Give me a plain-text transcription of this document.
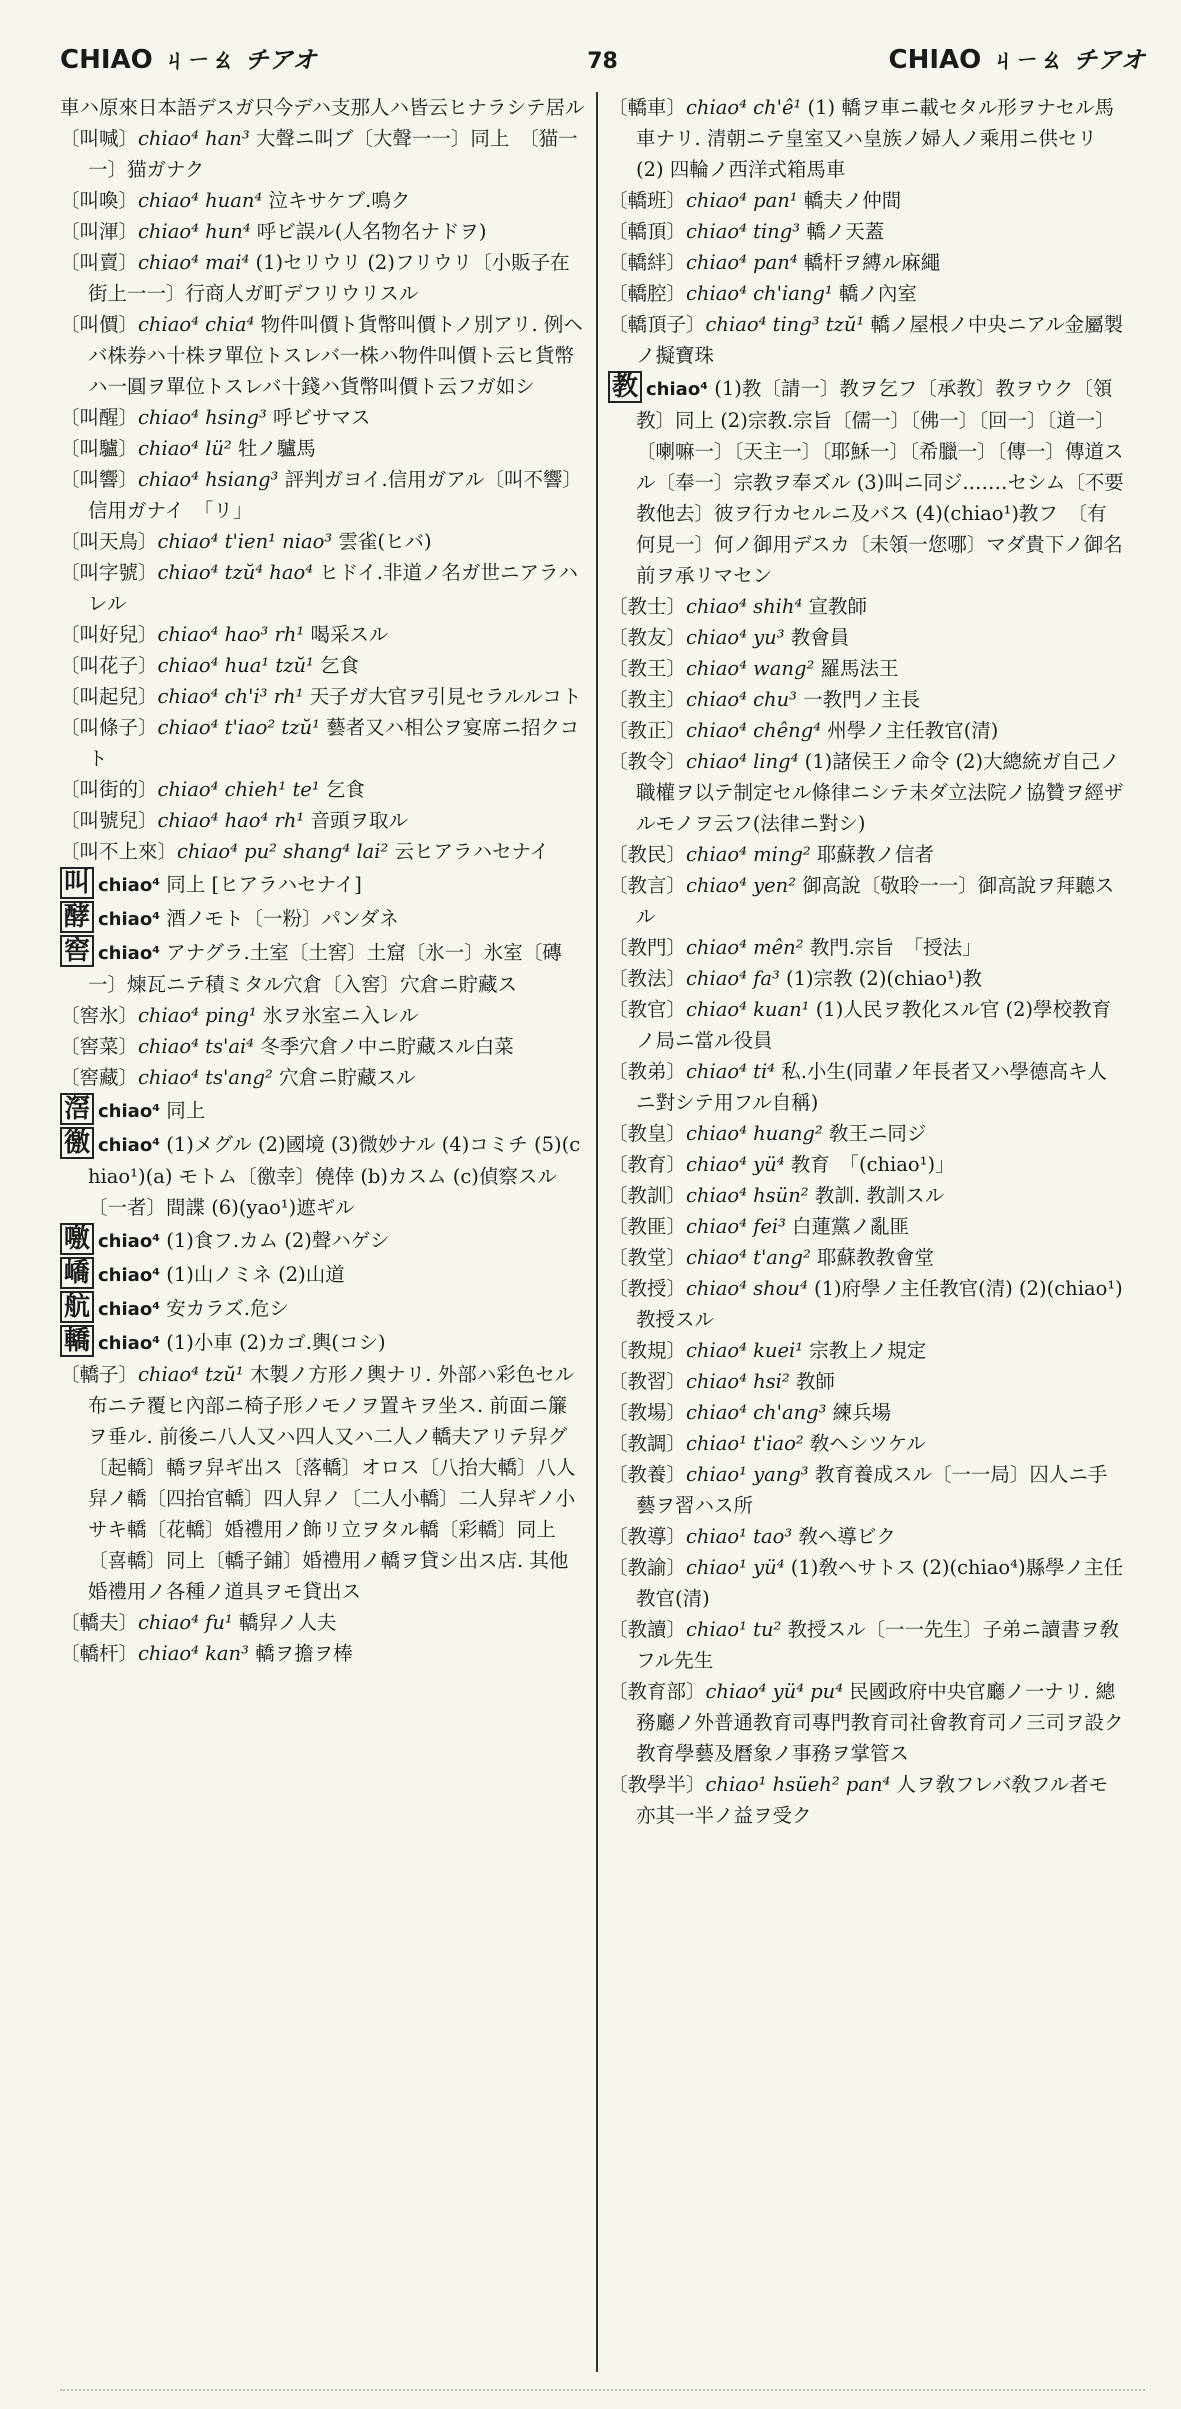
CHIAO ㄐㄧㄠ チアオ	78	CHIAO ㄐㄧㄠ チアオ

車ハ原來日本語デスガ只今デハ支那人ハ皆云ヒナラシテ居ル

〔叫喊〕chiao⁴ han³ 大聲ニ叫ブ〔大聲一一〕同上　〔猫一一〕猫ガナク

〔叫喚〕chiao⁴ huan⁴ 泣キサケブ.鳴ク

〔叫渾〕chiao⁴ hun⁴ 呼ビ誤ル(人名物名ナドヲ)

〔叫賣〕chiao⁴ mai⁴ (1)セリウリ (2)フリウリ〔小販子在街上一一〕行商人ガ町デフリウリスル

〔叫價〕chiao⁴ chia⁴ 物件叫價ト貨幣叫價トノ別アリ. 例ヘバ株券ハ十株ヲ單位トスレバ一株ハ物件叫價ト云ヒ貨幣ハ一圓ヲ單位トスレバ十錢ハ貨幣叫價ト云フガ如シ

〔叫醒〕chiao⁴ hsing³ 呼ビサマス

〔叫驢〕chiao⁴ lü² 牡ノ驢馬

〔叫響〕chiao⁴ hsiang³ 評判ガヨイ.信用ガアル〔叫不響〕信用ガナイ　「リ」

〔叫天鳥〕chiao⁴ t'ien¹ niao³ 雲雀(ヒバ)

〔叫字號〕chiao⁴ tzŭ⁴ hao⁴ ヒドイ.非道ノ名ガ世ニアラハレル

〔叫好兒〕chiao⁴ hao³ rh¹ 喝采スル

〔叫花子〕chiao⁴ hua¹ tzŭ¹ 乞食

〔叫起兒〕chiao⁴ ch'i³ rh¹ 天子ガ大官ヲ引見セラルルコト

〔叫條子〕chiao⁴ t'iao² tzŭ¹ 藝者又ハ相公ヲ宴席ニ招クコト

〔叫街的〕chiao⁴ chieh¹ te¹ 乞食

〔叫號兒〕chiao⁴ hao⁴ rh¹ 音頭ヲ取ル

〔叫不上來〕chiao⁴ pu² shang⁴ lai² 云ヒアラハセナイ

叫 chiao⁴ 同上 [ヒアラハセナイ]

酵 chiao⁴ 酒ノモト〔一粉〕パンダネ

窖 chiao⁴ アナグラ.土室〔土窖〕土窟〔氷一〕氷室〔磚一〕煉瓦ニテ積ミタル穴倉〔入窖〕穴倉ニ貯藏ス

〔窖氷〕chiao⁴ ping¹ 氷ヲ氷室ニ入レル

〔窖菜〕chiao⁴ ts'ai⁴ 冬季穴倉ノ中ニ貯藏スル白菜

〔窖藏〕chiao⁴ ts'ang² 穴倉ニ貯藏スル

滘 chiao⁴ 同上

徼 chiao⁴ (1)メグル (2)國境 (3)微妙ナル (4)コミチ (5)(chiao¹)(a) モトム〔徼幸〕僥倖 (b)カスム (c)偵察スル〔一者〕間諜 (6)(yao¹)遮ギル

噭 chiao⁴ (1)食フ.カム (2)聲ハゲシ

嶠 chiao⁴ (1)山ノミネ (2)山道

航 chiao⁴ 安カラズ.危シ

轎 chiao⁴ (1)小車 (2)カゴ.輿(コシ)

〔轎子〕chiao⁴ tzŭ¹ 木製ノ方形ノ輿ナリ. 外部ハ彩色セル布ニテ覆ヒ內部ニ椅子形ノモノヲ置キヲ坐ス. 前面ニ簾ヲ垂ル. 前後ニ八人又ハ四人又ハ二人ノ轎夫アリテ舁グ〔起轎〕轎ヲ舁ギ出ス〔落轎〕オロス〔八抬大轎〕八人舁ノ轎〔四抬官轎〕四人舁ノ〔二人小轎〕二人舁ギノ小サキ轎〔花轎〕婚禮用ノ飾リ立ヲタル轎〔彩轎〕同上〔喜轎〕同上〔轎子鋪〕婚禮用ノ轎ヲ貸シ出ス店. 其他婚禮用ノ各種ノ道具ヲモ貸出ス

〔轎夫〕chiao⁴ fu¹ 轎舁ノ人夫

〔轎杆〕chiao⁴ kan³ 轎ヲ擔ヲ棒

〔轎車〕chiao⁴ ch'ê¹ (1) 轎ヲ車ニ載セタル形ヲナセル馬車ナリ. 清朝ニテ皇室又ハ皇族ノ婦人ノ乘用ニ供セリ (2) 四輪ノ西洋式箱馬車

〔轎班〕chiao⁴ pan¹ 轎夫ノ仲間

〔轎頂〕chiao⁴ ting³ 轎ノ天蓋

〔轎絆〕chiao⁴ pan⁴ 轎杆ヲ縛ル麻繩

〔轎腔〕chiao⁴ ch'iang¹ 轎ノ內室

〔轎頂子〕chiao⁴ ting³ tzŭ¹ 轎ノ屋根ノ中央ニアル金屬製ノ擬寶珠

教 chiao⁴ (1)教〔請一〕教ヲ乞フ〔承教〕教ヲウク〔領教〕同上 (2)宗教.宗旨〔儒一〕〔佛一〕〔回一〕〔道一〕〔喇嘛一〕〔天主一〕〔耶穌一〕〔希臘一〕〔傳一〕傳道スル〔奉一〕宗教ヲ奉ズル (3)叫ニ同ジ.……セシム〔不要教他去〕彼ヲ行カセルニ及バス (4)(chiao¹)教フ　〔有何見一〕何ノ御用デスカ〔未領一您哪〕マダ貴下ノ御名前ヲ承リマセン

〔教士〕chiao⁴ shih⁴ 宣教師

〔教友〕chiao⁴ yu³ 教會員

〔教王〕chiao⁴ wang² 羅馬法王

〔教主〕chiao⁴ chu³ 一教門ノ主長

〔教正〕chiao⁴ chêng⁴ 州學ノ主任教官(清)

〔教令〕chiao⁴ ling⁴ (1)諸侯王ノ命令 (2)大總統ガ自己ノ職權ヲ以テ制定セル條律ニシテ未ダ立法院ノ協贊ヲ經ザルモノヲ云フ(法律ニ對シ)

〔教民〕chiao⁴ ming² 耶蘇教ノ信者

〔教言〕chiao⁴ yen² 御高說〔敬聆一一〕御高說ヲ拜聽スル

〔教門〕chiao⁴ mên² 教門.宗旨　「授法」

〔教法〕chiao⁴ fa³ (1)宗教 (2)(chiao¹)教

〔教官〕chiao⁴ kuan¹ (1)人民ヲ教化スル官 (2)學校教育ノ局ニ當ル役員

〔教弟〕chiao⁴ ti⁴ 私.小生(同輩ノ年長者又ハ學德高キ人ニ對シテ用フル自稱)

〔教皇〕chiao⁴ huang² 敎王ニ同ジ

〔教育〕chiao⁴ yü⁴ 教育　「(chiao¹)」

〔教訓〕chiao⁴ hsün² 教訓. 教訓スル

〔教匪〕chiao⁴ fei³ 白蓮黨ノ亂匪

〔教堂〕chiao⁴ t'ang² 耶蘇教教會堂

〔教授〕chiao⁴ shou⁴ (1)府學ノ主任教官(清) (2)(chiao¹)教授スル

〔教規〕chiao⁴ kuei¹ 宗教上ノ規定

〔教習〕chiao⁴ hsi² 教師

〔教場〕chiao⁴ ch'ang³ 練兵場

〔教調〕chiao¹ t'iao² 敎ヘシツケル

〔教養〕chiao¹ yang³ 教育養成スル〔一一局〕囚人ニ手藝ヲ習ハス所

〔教導〕chiao¹ tao³ 敎ヘ導ビク

〔教諭〕chiao¹ yü⁴ (1)敎ヘサトス (2)(chiao⁴)縣學ノ主任教官(清)

〔教讀〕chiao¹ tu² 教授スル〔一一先生〕子弟ニ讀書ヲ敎フル先生

〔教育部〕chiao⁴ yü⁴ pu⁴ 民國政府中央官廳ノ一ナリ. 總務廳ノ外普通教育司專門教育司社會教育司ノ三司ヲ設ク教育學藝及曆象ノ事務ヲ掌管ス

〔教學半〕chiao¹ hsüeh² pan⁴ 人ヲ敎フレバ敎フル者モ亦其一半ノ益ヲ受ク
